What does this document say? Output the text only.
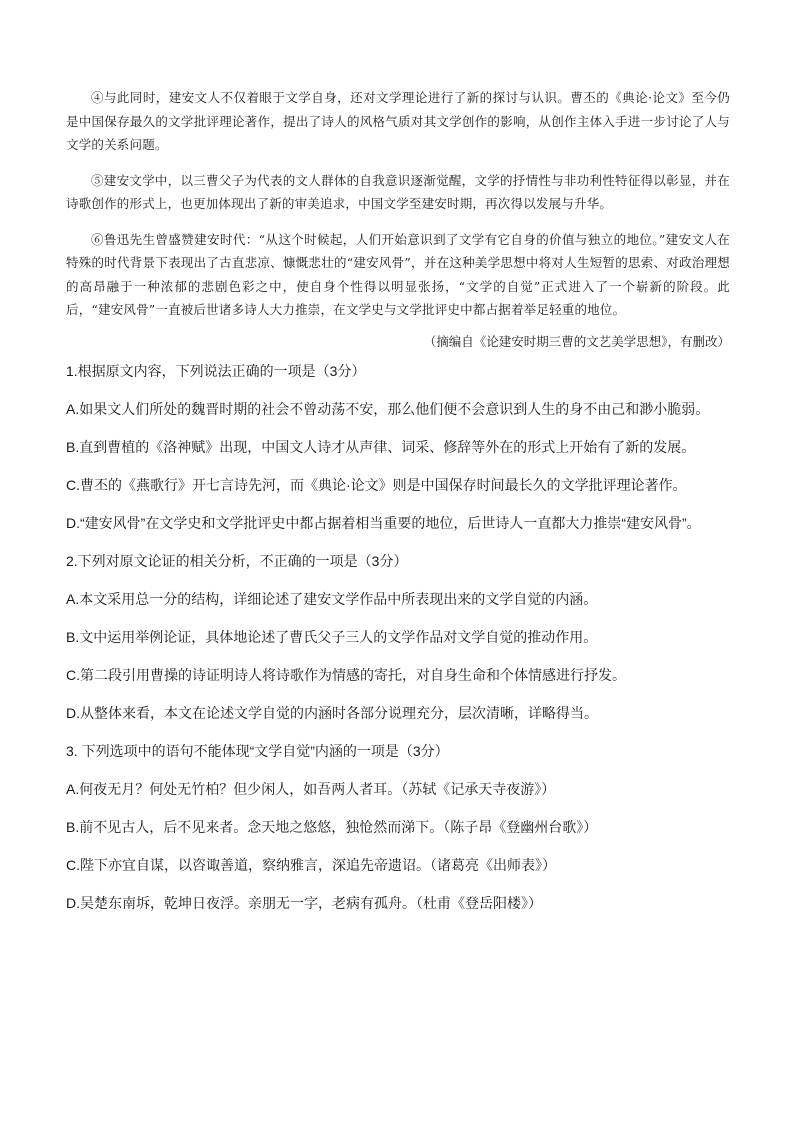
④与此同时，建安文人不仅着眼于文学自身，还对文学理论进行了新的探讨与认识。曹丕的《典论·论文》至今仍是中国保存最久的文学批评理论著作，提出了诗人的风格气质对其文学创作的影响，从创作主体入手进一步讨论了人与文学的关系问题。

⑤建安文学中，以三曹父子为代表的文人群体的自我意识逐渐觉醒，文学的抒情性与非功利性特征得以彰显，并在诗歌创作的形式上，也更加体现出了新的审美追求，中国文学至建安时期，再次得以发展与升华。

⑥鲁迅先生曾盛赞建安时代：“从这个时候起，人们开始意识到了文学有它自身的价值与独立的地位。”建安文人在特殊的时代背景下表现出了古直悲凉、慷慨悲壮的“建安风骨”，并在这种美学思想中将对人生短暂的思索、对政治理想的高昂融于一种浓郁的悲剧色彩之中，使自身个性得以明显张扬，“文学的自觉”正式进入了一个崭新的阶段。此后，“建安风骨”一直被后世诸多诗人大力推崇，在文学史与文学批评史中都占据着举足轻重的地位。

（摘编自《论建安时期三曹的文艺美学思想》，有删改）

1.根据原文内容，下列说法正确的一项是（3分）

A.如果文人们所处的魏晋时期的社会不曾动荡不安，那么他们便不会意识到人生的身不由己和渺小脆弱。

B.直到曹植的《洛神赋》出现，中国文人诗才从声律、词采、修辞等外在的形式上开始有了新的发展。

C.曹丕的《燕歌行》开七言诗先河，而《典论·论文》则是中国保存时间最长久的文学批评理论著作。

D.“建安风骨”在文学史和文学批评史中都占据着相当重要的地位，后世诗人一直都大力推崇“建安风骨”。

2.下列对原文论证的相关分析，不正确的一项是（3分）

A.本文采用总一分的结构，详细论述了建安文学作品中所表现出来的文学自觉的内涵。

B.文中运用举例论证，具体地论述了曹氏父子三人的文学作品对文学自觉的推动作用。

C.第二段引用曹操的诗证明诗人将诗歌作为情感的寄托，对自身生命和个体情感进行抒发。

D.从整体来看，本文在论述文学自觉的内涵时各部分说理充分，层次清晰，详略得当。

3. 下列选项中的语句不能体现“文学自觉”内涵的一项是（3分）

A.何夜无月？何处无竹柏？但少闲人，如吾两人者耳。（苏轼《记承天寺夜游》）

B.前不见古人，后不见来者。念天地之悠悠，独怆然而涕下。（陈子昂《登幽州台歌》）

C.陛下亦宜自谋，以咨诹善道，察纳雅言，深追先帝遗诏。（诸葛亮《出师表》）

D.吴楚东南坼，乾坤日夜浮。亲朋无一字，老病有孤舟。（杜甫《登岳阳楼》）
